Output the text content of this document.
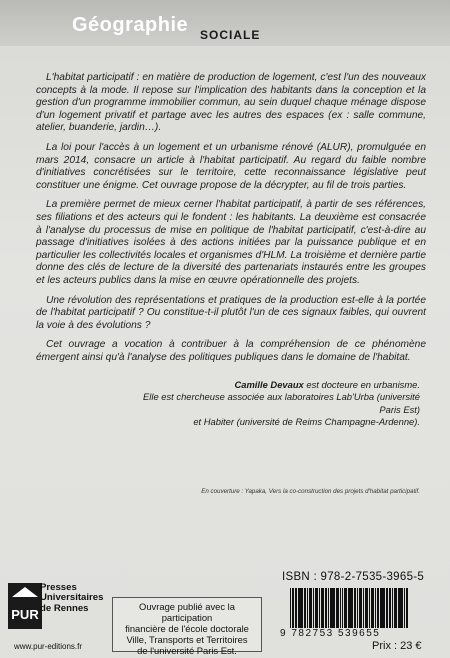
Géographie SOCIALE

L'habitat participatif : en matière de production de logement, c'est l'un des nouveaux concepts à la mode. Il repose sur l'implication des habitants dans la conception et la gestion d'un programme immobilier commun, au sein duquel chaque ménage dispose d'un logement privatif et partage avec les autres des espaces (ex : salle commune, atelier, buanderie, jardin…).

La loi pour l'accès à un logement et un urbanisme rénové (ALUR), promulguée en mars 2014, consacre un article à l'habitat participatif. Au regard du faible nombre d'initiatives concrétisées sur le territoire, cette reconnaissance législative peut constituer une énigme. Cet ouvrage propose de la décrypter, au fil de trois parties.

La première permet de mieux cerner l'habitat participatif, à partir de ses références, ses filiations et des acteurs qui le fondent : les habitants. La deuxième est consacrée à l'analyse du processus de mise en politique de l'habitat participatif, c'est-à-dire au passage d'initiatives isolées à des actions initiées par la puissance publique et en particulier les collectivités locales et organismes d'HLM. La troisième et dernière partie donne des clés de lecture de la diversité des partenariats instaurés entre les groupes et les acteurs publics dans la mise en œuvre opérationnelle des projets.

Une révolution des représentations et pratiques de la production est-elle à la portée de l'habitat participatif ? Ou constitue-t-il plutôt l'un de ces signaux faibles, qui ouvrent la voie à des évolutions ?

Cet ouvrage a vocation à contribuer à la compréhension de ce phénomène émergent ainsi qu'à l'analyse des politiques publiques dans le domaine de l'habitat.

Camille Devaux est docteure en urbanisme.
Elle est chercheuse associée aux laboratoires Lab'Urba (université Paris Est)
et Habiter (université de Reims Champagne-Ardenne).
En couverture : Yapaka, Vers la co-construction des projets d'habitat participatif.
PUR
Presses
Universitaires
de Rennes
www.pur-editions.fr
Ouvrage publié avec la participation
financière de l'école doctorale
Ville, Transports et Territoires
de l'université Paris Est.
ISBN : 978-2-7535-3965-5
9 782753 539655
Prix : 23 €
